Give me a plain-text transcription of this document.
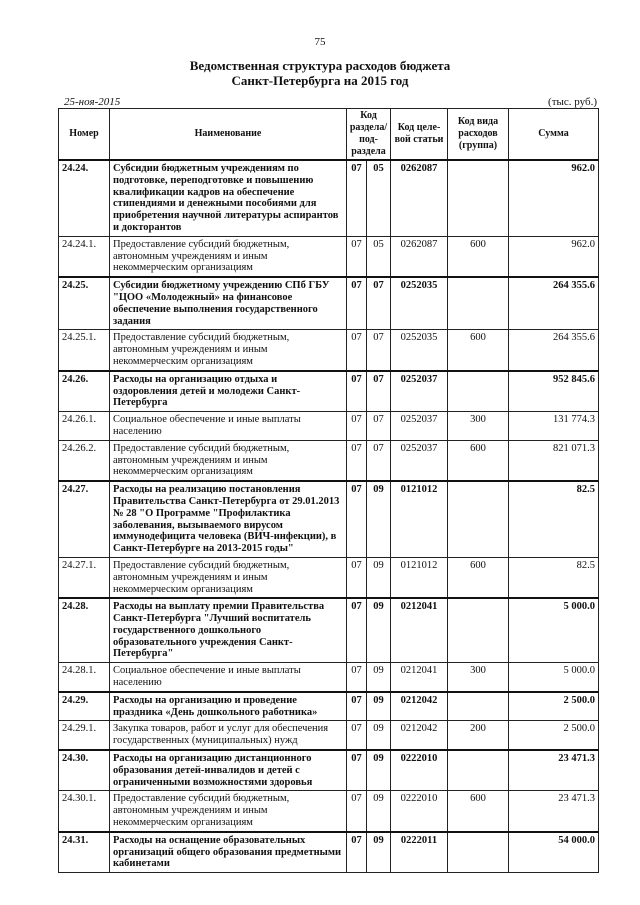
75
Ведомственная структура расходов бюджета
Санкт-Петербурга на 2015 год
25-ноя-2015	(тыс. руб.)
Номер	Наименование	Код раздела/ под- раздела		Код целе- вой статьи	Код вида расходов (группа)	Сумма
24.24.	Субсидии бюджетным учреждениям по подготовке, переподготовке и повышению квалификации кадров на обеспечение стипендиями и денежными пособиями для приобретения научной литературы аспирантов и докторантов	07	05	0262087		962.0
24.24.1.	Предоставление субсидий бюджетным, автономным учреждениям и иным некоммерческим организациям	07	05	0262087	600	962.0
24.25.	Субсидии бюджетному учреждению СПб ГБУ "ЦОО «Молодежный» на финансовое обеспечение выполнения государственного задания	07	07	0252035		264 355.6
24.25.1.	Предоставление субсидий бюджетным, автономным учреждениям и иным некоммерческим организациям	07	07	0252035	600	264 355.6
24.26.	Расходы на организацию отдыха и оздоровления детей и молодежи Санкт-Петербурга	07	07	0252037		952 845.6
24.26.1.	Социальное обеспечение и иные выплаты населению	07	07	0252037	300	131 774.3
24.26.2.	Предоставление субсидий бюджетным, автономным учреждениям и иным некоммерческим организациям	07	07	0252037	600	821 071.3
24.27.	Расходы на реализацию постановления Правительства Санкт-Петербурга от 29.01.2013 № 28 "О Программе "Профилактика заболевания, вызываемого вирусом иммунодефицита человека (ВИЧ-инфекции), в Санкт-Петербурге на 2013-2015 годы"	07	09	0121012		82.5
24.27.1.	Предоставление субсидий бюджетным, автономным учреждениям и иным некоммерческим организациям	07	09	0121012	600	82.5
24.28.	Расходы на выплату премии Правительства Санкт-Петербурга "Лучший воспитатель государственного дошкольного образовательного учреждения Санкт-Петербурга"	07	09	0212041		5 000.0
24.28.1.	Социальное обеспечение и иные выплаты населению	07	09	0212041	300	5 000.0
24.29.	Расходы на организацию и проведение праздника «День дошкольного работника»	07	09	0212042		2 500.0
24.29.1.	Закупка товаров, работ и услуг для обеспечения государственных (муниципальных) нужд	07	09	0212042	200	2 500.0
24.30.	Расходы на организацию дистанционного образования детей-инвалидов и детей с ограниченными возможностями здоровья	07	09	0222010		23 471.3
24.30.1.	Предоставление субсидий бюджетным, автономным учреждениям и иным некоммерческим организациям	07	09	0222010	600	23 471.3
24.31.	Расходы на оснащение образовательных организаций общего образования предметными кабинетами	07	09	0222011		54 000.0
